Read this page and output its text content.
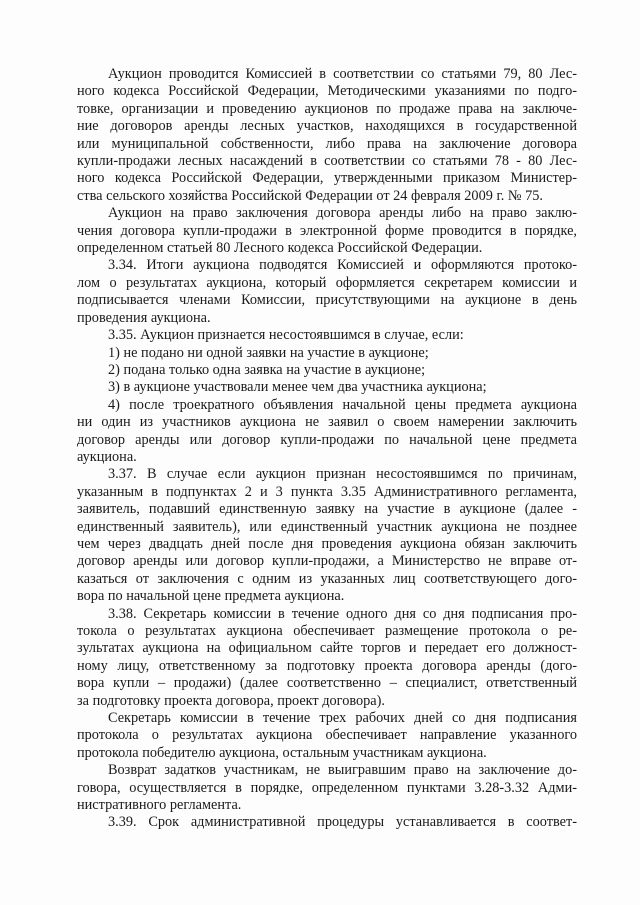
Аукцион проводится Комиссией в соответствии со статьями 79, 80 Лес-
ного кодекса Российской Федерации, Методическими указаниями по подго-
товке, организации и проведению аукционов по продаже права на заключе-
ние договоров аренды лесных участков, находящихся в государственной
или муниципальной собственности, либо права на заключение договора
купли-продажи лесных насаждений в соответствии со статьями 78 - 80 Лес-
ного кодекса Российской Федерации, утвержденными приказом Министер-
ства сельского хозяйства Российской Федерации от 24 февраля 2009 г. № 75.

Аукцион на право заключения договора аренды либо на право заклю-
чения договора купли-продажи в электронной форме проводится в порядке,
определенном статьей 80 Лесного кодекса Российской Федерации.

3.34. Итоги аукциона подводятся Комиссией и оформляются протоко-
лом о результатах аукциона, который оформляется секретарем комиссии и
подписывается членами Комиссии, присутствующими на аукционе в день
проведения аукциона.

3.35. Аукцион признается несостоявшимся в случае, если:

1) не подано ни одной заявки на участие в аукционе;

2) подана только одна заявка на участие в аукционе;

3) в аукционе участвовали менее чем два участника аукциона;

4) после троекратного объявления начальной цены предмета аукциона
ни один из участников аукциона не заявил о своем намерении заключить
договор аренды или договор купли-продажи по начальной цене предмета
аукциона.

3.37. В случае если аукцион признан несостоявшимся по причинам,
указанным в подпунктах 2 и 3 пункта 3.35 Административного регламента,
заявитель, подавший единственную заявку на участие в аукционе (далее -
единственный заявитель), или единственный участник аукциона не позднее
чем через двадцать дней после дня проведения аукциона обязан заключить
договор аренды или договор купли-продажи, а Министерство не вправе от-
казаться от заключения с одним из указанных лиц соответствующего дого-
вора по начальной цене предмета аукциона.

3.38. Секретарь комиссии в течение одного дня со дня подписания про-
токола о результатах аукциона обеспечивает размещение протокола о ре-
зультатах аукциона на официальном сайте торгов и передает его должност-
ному лицу, ответственному за подготовку проекта договора аренды (дого-
вора купли – продажи) (далее соответственно – специалист, ответственный
за подготовку проекта договора, проект договора).

Секретарь комиссии в течение трех рабочих дней со дня подписания
протокола о результатах аукциона обеспечивает направление указанного
протокола победителю аукциона, остальным участникам аукциона.

Возврат задатков участникам, не выигравшим право на заключение до-
говора, осуществляется в порядке, определенном пунктами 3.28-3.32 Адми-
нистративного регламента.

3.39. Срок административной процедуры устанавливается в соответ-
